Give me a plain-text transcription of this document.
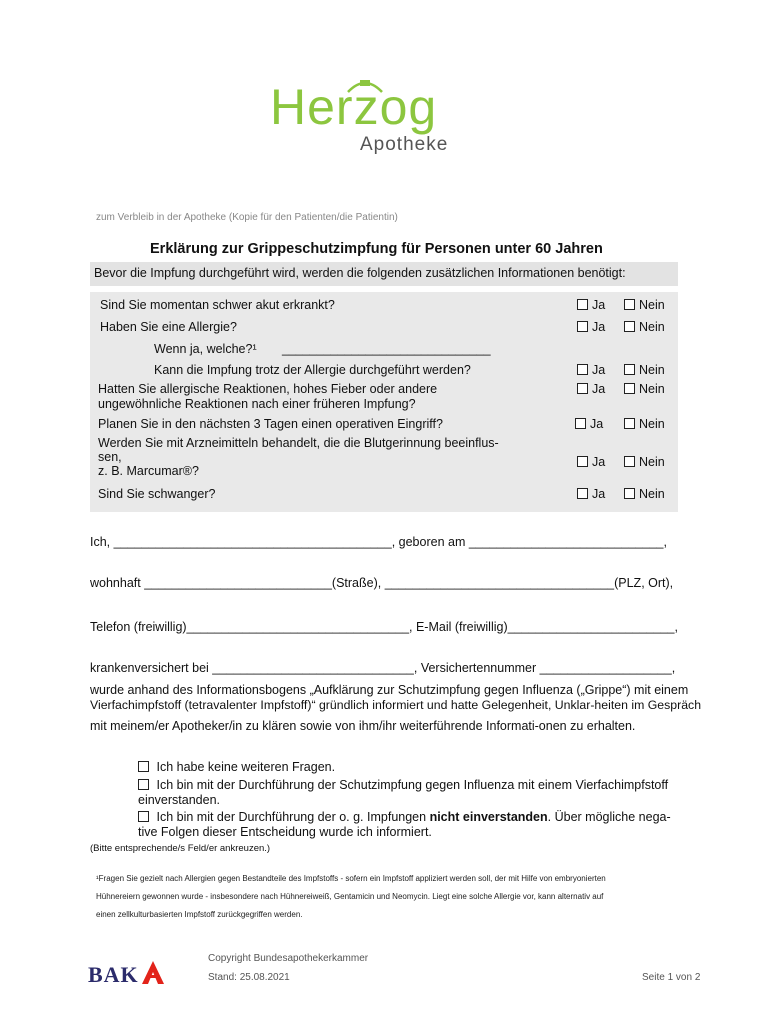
Herzog
Apotheke
zum Verbleib in der Apotheke (Kopie für den Patienten/die Patientin)
Erklärung zur Grippeschutzimpfung für Personen unter 60 Jahren
Bevor die Impfung durchgeführt wird, werden die folgenden zusätzlichen Informationen benötigt:
Sind Sie momentan schwer akut erkrankt?	Ja	Nein
Haben Sie eine Allergie?	Ja	Nein
Wenn ja, welche?¹ ______________________________
Kann die Impfung trotz der Allergie durchgeführt werden?	Ja	Nein
Hatten Sie allergische Reaktionen, hohes Fieber oder andere
ungewöhnliche Reaktionen nach einer früheren Impfung?
Ja	Nein
Planen Sie in den nächsten 3 Tagen einen operativen Eingriff?	Ja	Nein
Werden Sie mit Arzneimitteln behandelt, die die Blutgerinnung beeinflus-
sen,
z. B. Marcumar®?
Ja	Nein
Sind Sie schwanger?	Ja	Nein
Ich, ________________________________________, geboren am ____________________________,
wohnhaft ___________________________(Straße), _________________________________(PLZ, Ort),
Telefon (freiwillig)________________________________, E-Mail (freiwillig)________________________,
krankenversichert bei _____________________________, Versichertennummer ___________________,
wurde anhand des Informationsbogens „Aufklärung zur Schutzimpfung gegen Influenza („Grippe“) mit einem
Vierfachimpfstoff (tetravalenter Impfstoff)“ gründlich informiert und hatte Gelegenheit, Unklar-heiten im Gespräch
mit meinem/er Apotheker/in zu klären sowie von ihm/ihr weiterführende Informati-onen zu erhalten.
Ich habe keine weiteren Fragen.
Ich bin mit der Durchführung der Schutzimpfung gegen Influenza mit einem Vierfachimpfstoff
einverstanden.
Ich bin mit der Durchführung der o. g. Impfungen nicht einverstanden. Über mögliche nega-
tive Folgen dieser Entscheidung wurde ich informiert.
(Bitte entsprechende/s Feld/er ankreuzen.)
¹Fragen Sie gezielt nach Allergien gegen Bestandteile des Impfstoffs - sofern ein Impfstoff appliziert werden soll, der mit Hilfe von embryonierten
Hühnereiern gewonnen wurde - insbesondere nach Hühnereiweiß, Gentamicin und Neomycin. Liegt eine solche Allergie vor, kann alternativ auf
einen zellkulturbasierten Impfstoff zurückgegriffen werden.
BAK
Copyright Bundesapothekerkammer
Stand: 25.08.2021	Seite 1 von 2
